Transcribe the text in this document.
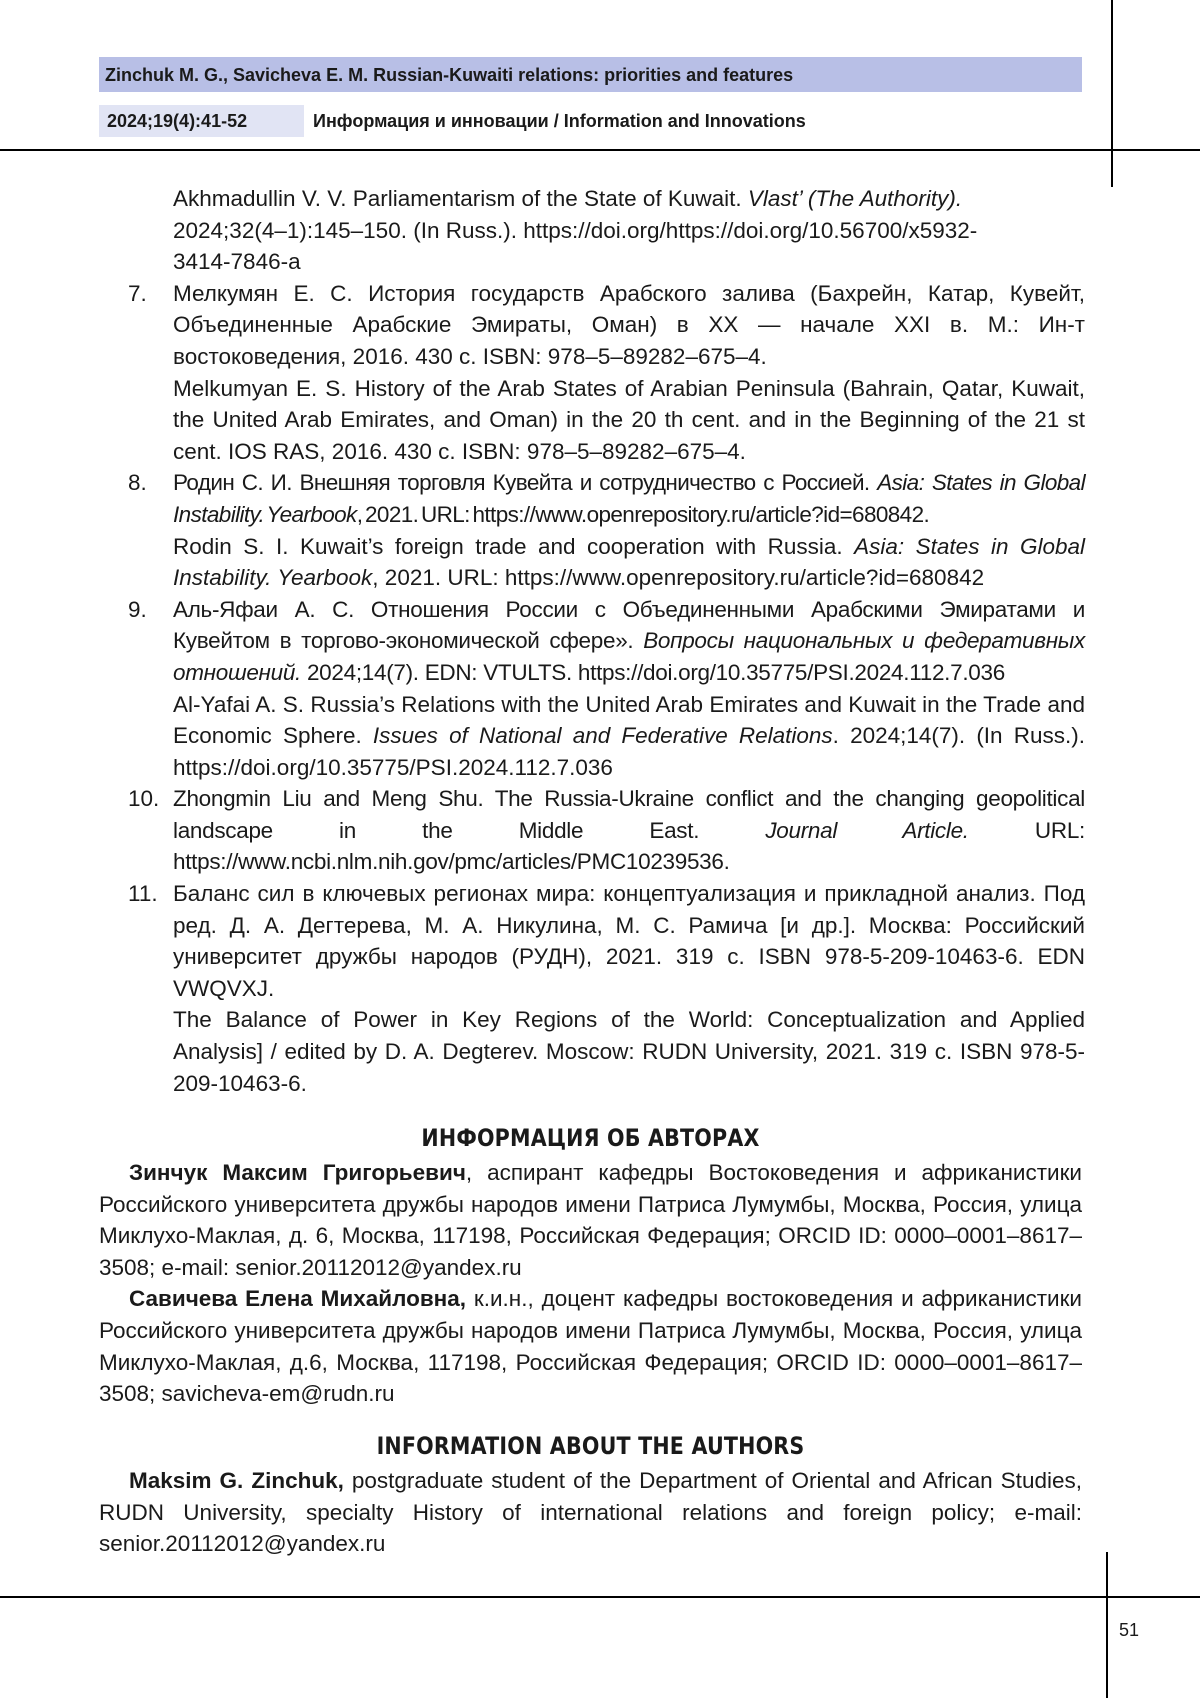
Zinchuk M. G., Savicheva E. M. Russian-Kuwaiti relations: priorities and features
2024;19(4):41-52	Информация и инновации / Information and Innovations
Akhmadullin V. V. Parliamentarism of the State of Kuwait. Vlast’ (The Authority).
2024;32(4–1):145–150. (In Russ.). https://doi.org/https://doi.org/10.56700/x5932-
3414-7846-a
7.	Мелкумян Е. С. История государств Арабского залива (Бахрейн, Катар, Кувейт, Объединенные Арабские Эмираты, Оман) в XX — начале XXI в. М.: Ин-т востоковедения, 2016. 430 с. ISBN: 978–5–89282–675–4.

Melkumyan E. S. History of the Arab States of Arabian Peninsula (Bahrain, Qatar, Kuwait, the United Arab Emirates, and Oman) in the 20 th cent. and in the Beginning of the 21 st cent. IOS RAS, 2016. 430 c. ISBN: 978–5–89282–675–4.

8.	Родин С. И. Внешняя торговля Кувейта и сотрудничество с Россией. Asia: States in Global Instability. Yearbook, 2021. URL: https://www.openrepository.ru/article?id=680842.

Rodin S. I. Kuwait’s foreign trade and cooperation with Russia. Asia: States in Global Instability. Yearbook, 2021. URL: https://www.openrepository.ru/article?id=680842

9.	Аль-Яфаи А. С. Отношения России с Объединенными Арабскими Эмиратами и Кувейтом в торгово-экономической сфере». Вопросы национальных и федеративных отношений. 2024;14(7). EDN: VTULTS. https://doi.org/10.35775/PSI.2024.112.7.036

Al-Yafai A. S. Russia’s Relations with the United Arab Emirates and Kuwait in the Trade and Economic Sphere. Issues of National and Federative Relations. 2024;14(7). (In Russ.). https://doi.org/10.35775/PSI.2024.112.7.036

10. Zhongmin Liu and Meng Shu. The Russia-Ukraine conflict and the changing geopolitical landscape in the Middle East. Journal Article. URL: https://www.ncbi.nlm.nih.gov/pmc/articles/PMC10239536.

11. Баланс сил в ключевых регионах мира: концептуализация и прикладной анализ. Под ред. Д. А. Дегтерева, М. А. Никулина, М. С. Рамича [и др.]. Москва: Российский университет дружбы народов (РУДН), 2021. 319 с. ISBN 978-5-209-10463-6. EDN VWQVXJ.

The Balance of Power in Key Regions of the World: Conceptualization and Applied Analysis] / edited by D. A. Degterev. Moscow: RUDN University, 2021. 319 c. ISBN 978-5-209-10463-6.

ИНФОРМАЦИЯ ОБ АВТОРАХ

Зинчук Максим Григорьевич, аспирант кафедры Востоковедения и африканистики Российского университета дружбы народов имени Патриса Лумумбы, Москва, Россия, улица Миклухо-Маклая, д. 6, Москва, 117198, Российская Федерация; ORCID ID: 0000–0001–8617–3508; e-mail: senior.20112012@yandex.ru

Савичева Елена Михайловна, к.и.н., доцент кафедры востоковедения и африканистики Российского университета дружбы народов имени Патриса Лумумбы, Москва, Россия, улица Миклухо-Маклая, д.6, Москва, 117198, Российская Федерация; ORCID ID: 0000–0001–8617–3508; savicheva-em@rudn.ru

INFORMATION ABOUT THE AUTHORS

Maksim G. Zinchuk, postgraduate student of the Department of Oriental and African Studies, RUDN University, specialty History of international relations and foreign policy; e-mail: senior.20112012@yandex.ru

51
